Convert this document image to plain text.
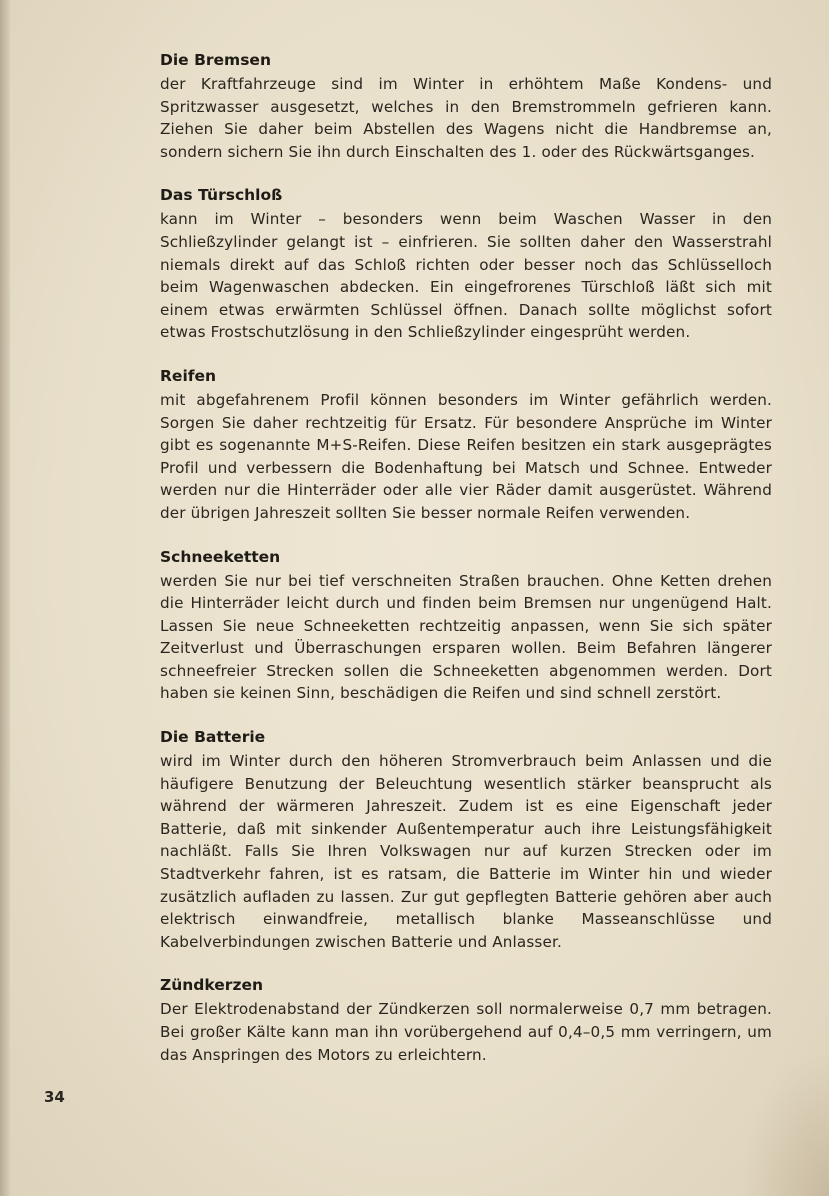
Die Bremsen

der Kraftfahrzeuge sind im Winter in erhöhtem Maße Kondens- und Spritzwasser ausgesetzt, welches in den Bremstrommeln gefrieren kann. Ziehen Sie daher beim Abstellen des Wagens nicht die Handbremse an, sondern sichern Sie ihn durch Einschalten des 1. oder des Rückwärtsganges.

Das Türschloß

kann im Winter – besonders wenn beim Waschen Wasser in den Schließzylinder gelangt ist – einfrieren. Sie sollten daher den Wasserstrahl niemals direkt auf das Schloß richten oder besser noch das Schlüsselloch beim Wagenwaschen abdecken. Ein eingefrorenes Türschloß läßt sich mit einem etwas erwärmten Schlüssel öffnen. Danach sollte möglichst sofort etwas Frostschutzlösung in den Schließzylinder eingesprüht werden.

Reifen

mit abgefahrenem Profil können besonders im Winter gefährlich werden. Sorgen Sie daher rechtzeitig für Ersatz. Für besondere Ansprüche im Winter gibt es sogenannte M+S-Reifen. Diese Reifen besitzen ein stark ausgeprägtes Profil und verbessern die Bodenhaftung bei Matsch und Schnee. Entweder werden nur die Hinterräder oder alle vier Räder damit ausgerüstet. Während der übrigen Jahreszeit sollten Sie besser normale Reifen verwenden.

Schneeketten

werden Sie nur bei tief verschneiten Straßen brauchen. Ohne Ketten drehen die Hinterräder leicht durch und finden beim Bremsen nur ungenügend Halt. Lassen Sie neue Schneeketten rechtzeitig anpassen, wenn Sie sich später Zeitverlust und Überraschungen ersparen wollen. Beim Befahren längerer schneefreier Strecken sollen die Schneeketten abgenommen werden. Dort haben sie keinen Sinn, beschädigen die Reifen und sind schnell zerstört.

Die Batterie

wird im Winter durch den höheren Stromverbrauch beim Anlassen und die häufigere Benutzung der Beleuchtung wesentlich stärker beansprucht als während der wärmeren Jahreszeit. Zudem ist es eine Eigenschaft jeder Batterie, daß mit sinkender Außentemperatur auch ihre Leistungsfähigkeit nachläßt. Falls Sie Ihren Volkswagen nur auf kurzen Strecken oder im Stadtverkehr fahren, ist es ratsam, die Batterie im Winter hin und wieder zusätzlich aufladen zu lassen. Zur gut gepflegten Batterie gehören aber auch elektrisch einwandfreie, metallisch blanke Masseanschlüsse und Kabelverbindungen zwischen Batterie und Anlasser.

Zündkerzen

Der Elektrodenabstand der Zündkerzen soll normalerweise 0,7 mm betragen. Bei großer Kälte kann man ihn vorübergehend auf 0,4–0,5 mm verringern, um das Anspringen des Motors zu erleichtern.

34
